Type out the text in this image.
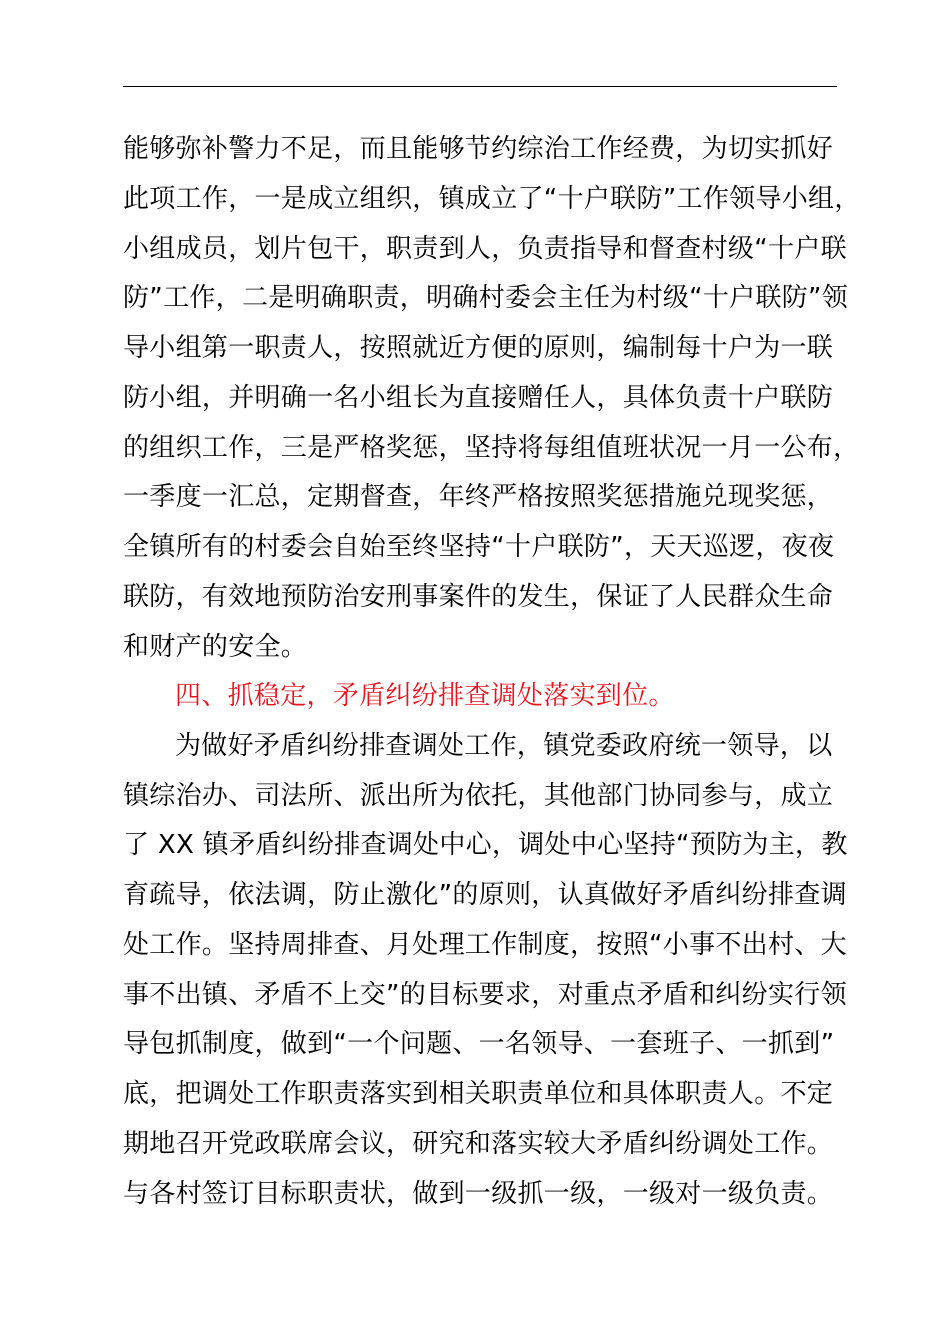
能够弥补警力不足，而且能够节约综治工作经费，为切实抓好
此项工作，一是成立组织，镇成立了“十户联防”工作领导小组，
小组成员，划片包干，职责到人，负责指导和督查村级“十户联
防”工作，二是明确职责，明确村委会主任为村级“十户联防”领
导小组第一职责人，按照就近方便的原则，编制每十户为一联
防小组，并明确一名小组长为直接赠任人，具体负责十户联防
的组织工作，三是严格奖惩，坚持将每组值班状况一月一公布，
一季度一汇总，定期督查，年终严格按照奖惩措施兑现奖惩，
全镇所有的村委会自始至终坚持“十户联防”，天天巡逻，夜夜
联防，有效地预防治安刑事案件的发生，保证了人民群众生命
和财产的安全。
四、抓稳定，矛盾纠纷排查调处落实到位。
为做好矛盾纠纷排查调处工作，镇党委政府统一领导，以
镇综治办、司法所、派出所为依托，其他部门协同参与，成立
了 XX 镇矛盾纠纷排查调处中心，调处中心坚持“预防为主，教
育疏导，依法调，防止激化”的原则，认真做好矛盾纠纷排查调
处工作。坚持周排查、月处理工作制度，按照“小事不出村、大
事不出镇、矛盾不上交”的目标要求，对重点矛盾和纠纷实行领
导包抓制度，做到“一个问题、一名领导、一套班子、一抓到”
底，把调处工作职责落实到相关职责单位和具体职责人。不定
期地召开党政联席会议，研究和落实较大矛盾纠纷调处工作。
与各村签订目标职责状，做到一级抓一级，一级对一级负责。
